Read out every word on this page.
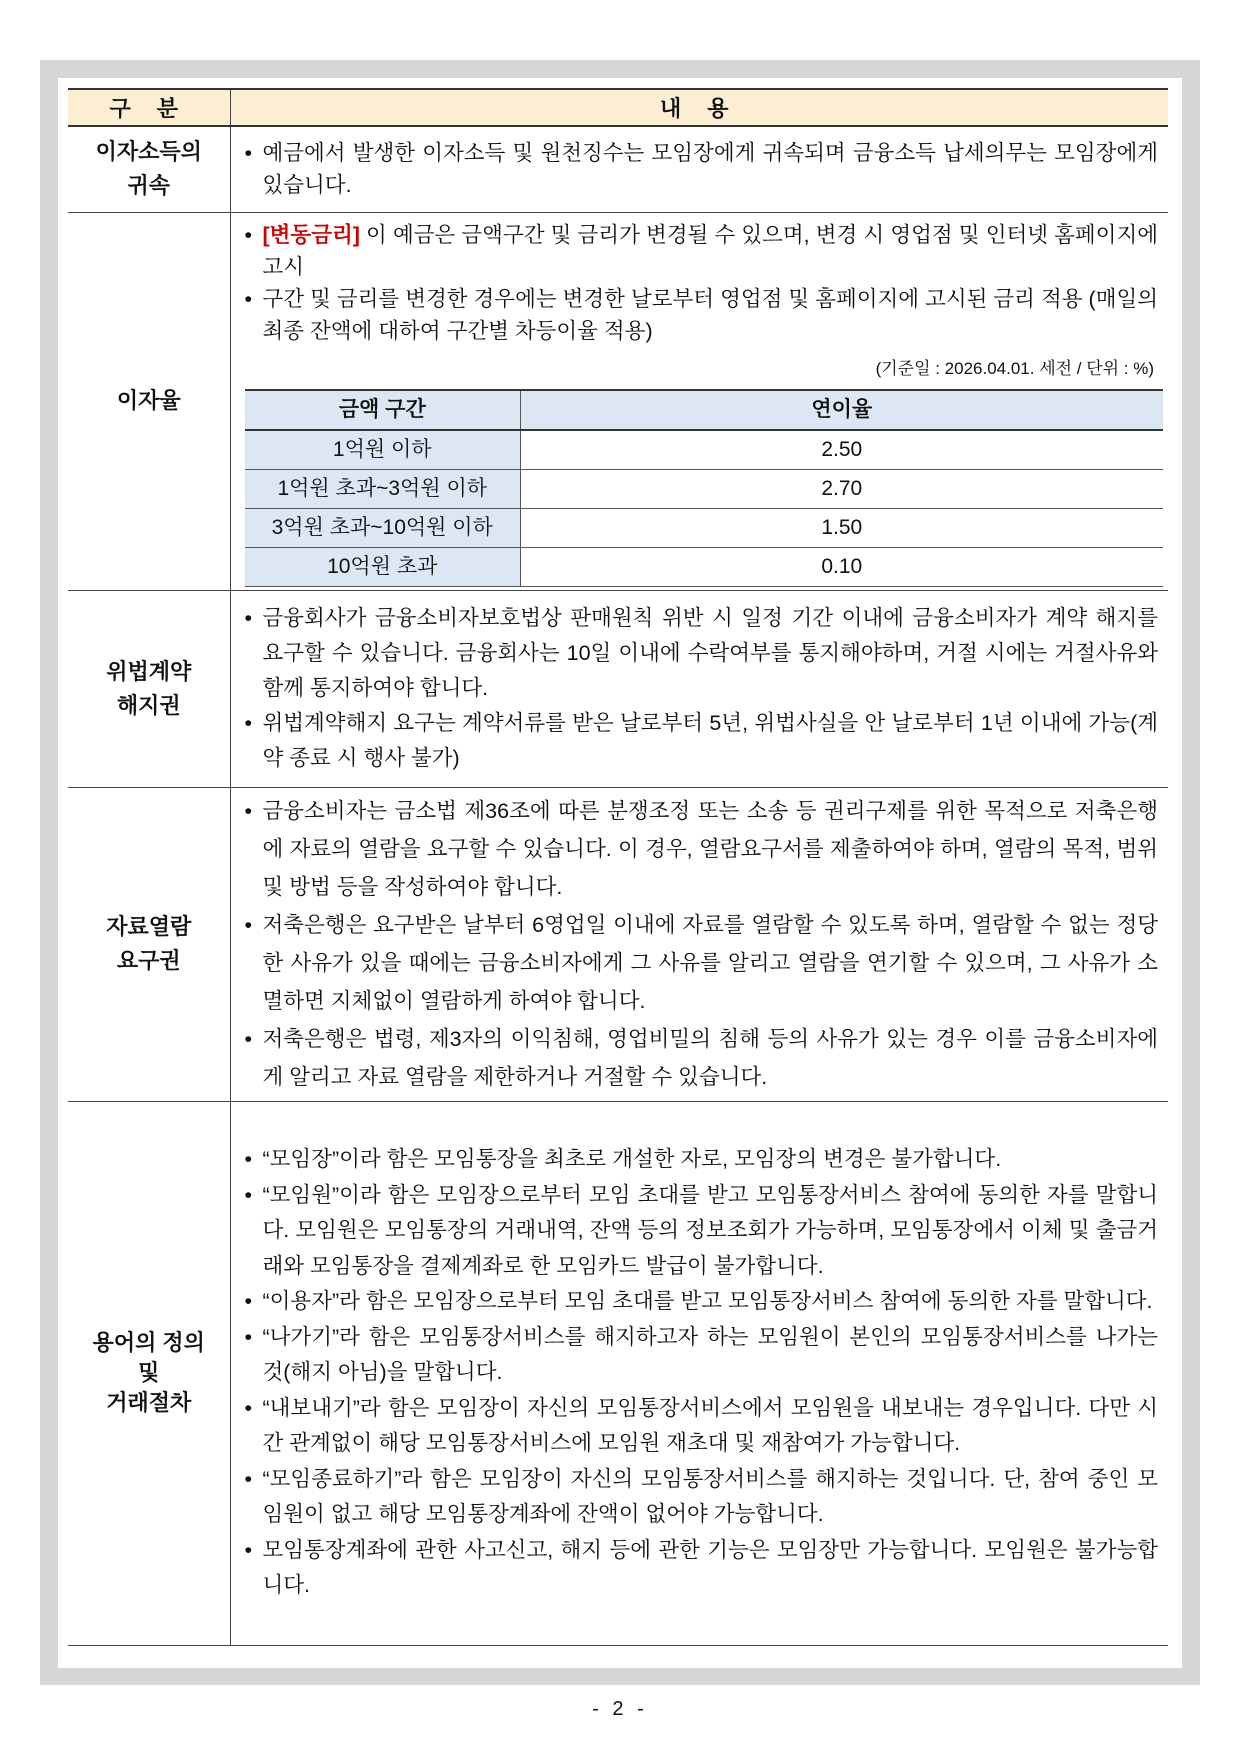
구 분	내 용
이자소득의 귀속	
• 예금에서 발생한 이자소득 및 원천징수는 모임장에게 귀속되며 금융소득 납세의무는 모임장에게 있습니다.

이자율	
• [변동금리] 이 예금은 금액구간 및 금리가 변경될 수 있으며, 변경 시 영업점 및 인터넷 홈페이지에 고시
• 구간 및 금리를 변경한 경우에는 변경한 날로부터 영업점 및 홈페이지에 고시된 금리 적용 (매일의 최종 잔액에 대하여 구간별 차등이율 적용)
(기준일 : 2026.04.01. 세전 / 단위 : %)
금액 구간	연이율
1억원 이하	2.50
1억원 초과~3억원 이하	2.70
3억원 초과~10억원 이하	1.50
10억원 초과	0.10

위법계약 해지권	
• 금융회사가 금융소비자보호법상 판매원칙 위반 시 일정 기간 이내에 금융소비자가 계약 해지를 요구할 수 있습니다. 금융회사는 10일 이내에 수락여부를 통지해야하며, 거절 시에는 거절사유와 함께 통지하여야 합니다.
• 위법계약해지 요구는 계약서류를 받은 날로부터 5년, 위법사실을 안 날로부터 1년 이내에 가능(계약 종료 시 행사 불가)

자료열람 요구권	
• 금융소비자는 금소법 제36조에 따른 분쟁조정 또는 소송 등 권리구제를 위한 목적으로 저축은행에 자료의 열람을 요구할 수 있습니다. 이 경우, 열람요구서를 제출하여야 하며, 열람의 목적, 범위 및 방법 등을 작성하여야 합니다.
• 저축은행은 요구받은 날부터 6영업일 이내에 자료를 열람할 수 있도록 하며, 열람할 수 없는 정당한 사유가 있을 때에는 금융소비자에게 그 사유를 알리고 열람을 연기할 수 있으며, 그 사유가 소멸하면 지체없이 열람하게 하여야 합니다.
• 저축은행은 법령, 제3자의 이익침해, 영업비밀의 침해 등의 사유가 있는 경우 이를 금융소비자에게 알리고 자료 열람을 제한하거나 거절할 수 있습니다.

용어의 정의
및
거래절차

• “모임장”이라 함은 모임통장을 최초로 개설한 자로, 모임장의 변경은 불가합니다.
• “모임원”이라 함은 모임장으로부터 모임 초대를 받고 모임통장서비스 참여에 동의한 자를 말합니다. 모임원은 모임통장의 거래내역, 잔액 등의 정보조회가 가능하며, 모임통장에서 이체 및 출금거래와 모임통장을 결제계좌로 한 모임카드 발급이 불가합니다.
• “이용자”라 함은 모임장으로부터 모임 초대를 받고 모임통장서비스 참여에 동의한 자를 말합니다.
• “나가기”라 함은 모임통장서비스를 해지하고자 하는 모임원이 본인의 모임통장서비스를 나가는 것(해지 아님)을 말합니다.
• “내보내기”라 함은 모임장이 자신의 모임통장서비스에서 모임원을 내보내는 경우입니다. 다만 시간 관계없이 해당 모임통장서비스에 모임원 재초대 및 재참여가 가능합니다.
• “모임종료하기”라 함은 모임장이 자신의 모임통장서비스를 해지하는 것입니다. 단, 참여 중인 모임원이 없고 해당 모임통장계좌에 잔액이 없어야 가능합니다.
• 모임통장계좌에 관한 사고신고, 해지 등에 관한 기능은 모임장만 가능합니다. 모임원은 불가능합니다.
- 2 -
